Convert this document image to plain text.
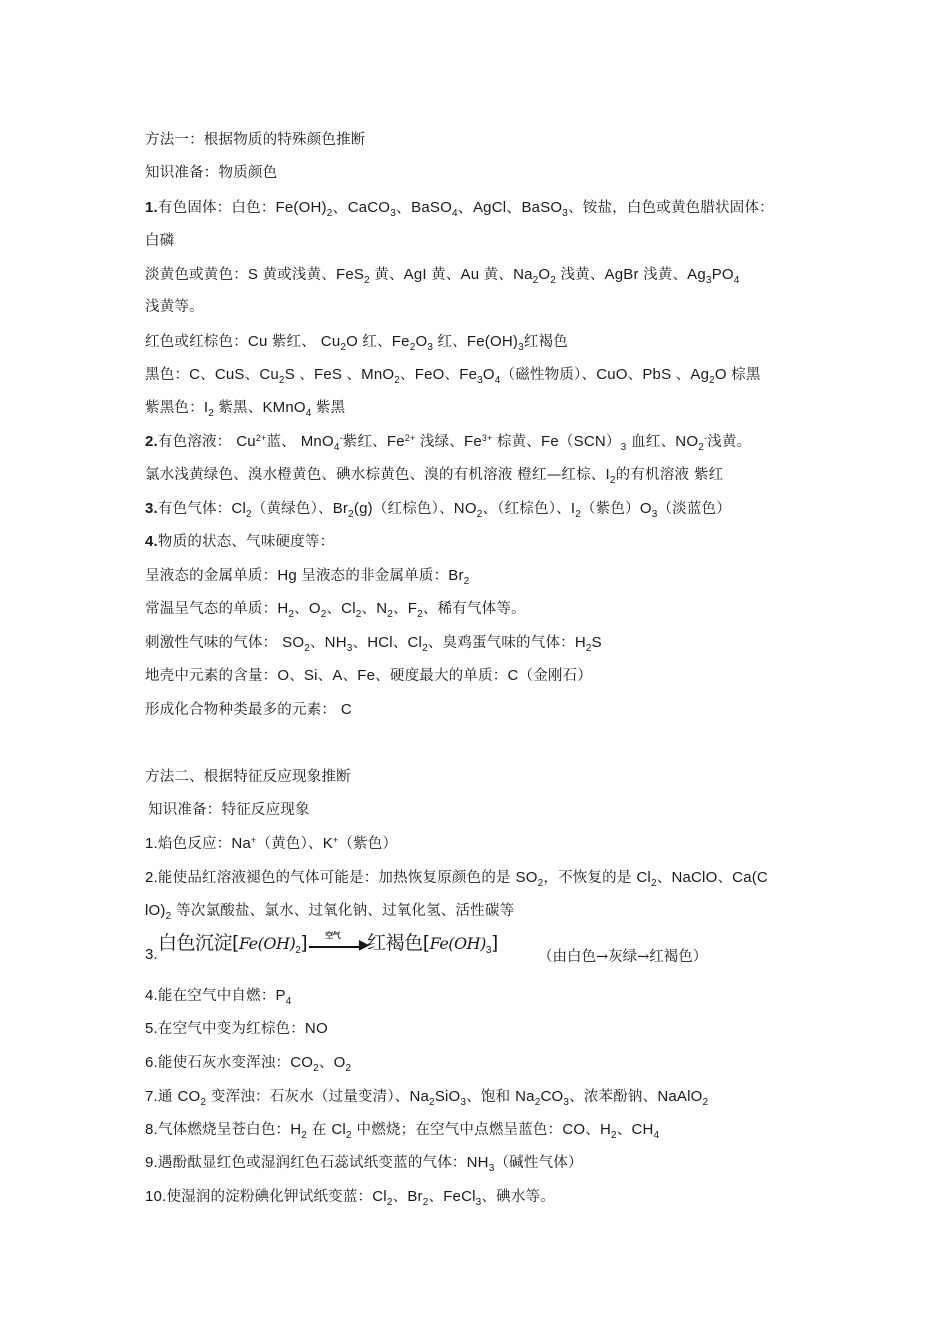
方法一：根据物质的特殊颜色推断
知识准备：物质颜色
1.有色固体：白色：$Fe(OH)_2$、CaCO$_3$、BaSO$_4$、AgCl、BaSO$_3$、铵盐，白色或黄色腊状固体：
白磷
淡黄色或黄色：S 黄或浅黄、FeS$_2$ 黄、AgI 黄、Au 黄、$Na_2O_2$ 浅黄、AgBr 浅黄、$Ag_3PO_4$
浅黄等。
红色或红棕色：Cu 紫红、 $Cu_2O$ 红、$Fe_2O_3$ 红、$Fe(OH)_3$红褐色
黑色：C、CuS、$Cu_2S$ 、FeS 、MnO$_2$、FeO、$Fe_3O_4$（磁性物质）、CuO、PbS 、$Ag_2O$ 棕黑
紫黑色：$I_2$ 紫黑、KMnO$_4$ 紫黑
2.有色溶液： $Cu^{2+}$蓝、 MnO$_4$-紫红、$Fe^{2+}$ 浅绿、$Fe^{3+}$ 棕黄、$Fe(SCN)_3$ 血红、$NO_2^-$浅黄。
氯水浅黄绿色、溴水橙黄色、碘水棕黄色、溴的有机溶液 橙红—红棕、$I_2$的有机溶液 紫红
3.有色气体：$Cl_2$（黄绿色）、$Br_2(g)$（红棕色）、$NO_2$、（红棕色）、$I_2$（紫色）$O_3$（淡蓝色）
4.物质的状态、气味硬度等：
呈液态的金属单质：Hg 呈液态的非金属单质：$Br_2$
常温呈气态的单质：$H_2$、$O_2$、$Cl_2$、$N_2$、$F_2$、稀有气体等。
刺激性气味的气体： $SO_2$、$NH_3$、HCl、$Cl_2$、臭鸡蛋气味的气体：$H_2S$
地壳中元素的含量：O、Si、A、Fe、硬度最大的单质：C（金刚石）
形成化合物种类最多的元素： C
方法二、根据特征反应现象推断
知识准备：特征反应现象
1.焰色反应：Na+（黄色）、K+（紫色）
2.能使品红溶液褪色的气体可能是：加热恢复原颜色的是 $SO_2$，不恢复的是 $Cl_2$、NaClO、Ca(C
$lO)_2$ 等次氯酸盐、氯水、过氧化钠、过氧化氢、活性碳等
3.
白色沉淀$[Fe(OH)_2]$ 空气
▶
红褐色$[Fe(OH)_3]$
（由白色→灰绿→红褐色）
4.能在空气中自燃：$P_4$
5.在空气中变为红棕色：NO
6.能使石灰水变浑浊：$CO_2$、$O_2$
7.通 $CO_2$ 变浑浊：石灰水（过量变清）、$Na_2SiO_3$、饱和 $Na_2CO_3$、浓苯酚钠、NaAlO$_2$
8.气体燃烧呈苍白色：$H_2$ 在 $Cl_2$ 中燃烧；在空气中点燃呈蓝色：CO、$H_2$、$CH_4$
9.遇酚酞显红色或湿润红色石蕊试纸变蓝的气体：$NH_3$（碱性气体）
10.使湿润的淀粉碘化钾试纸变蓝：$Cl_2$、$Br_2$、FeCl$_3$、碘水等。
